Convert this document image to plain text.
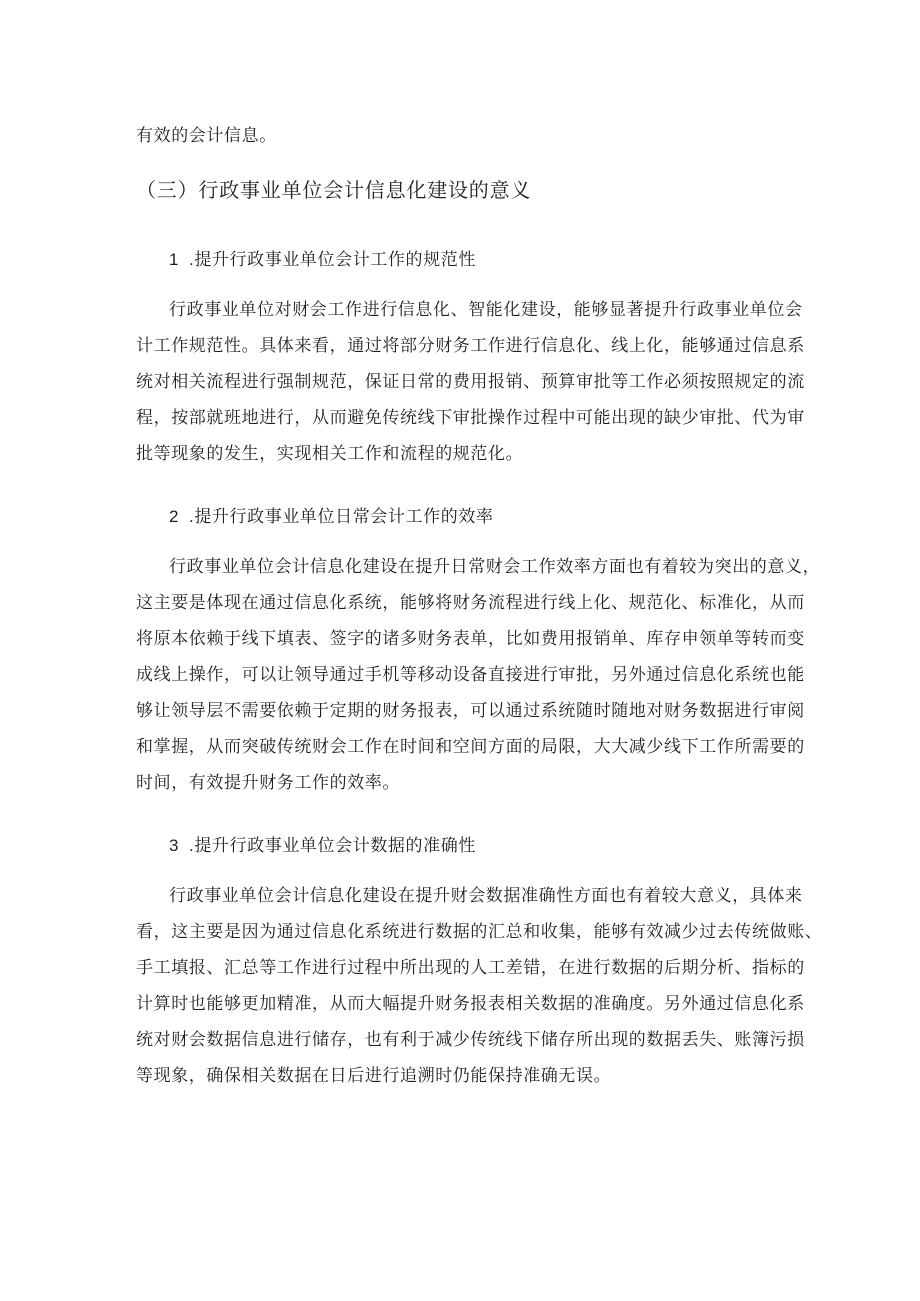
有效的会计信息。
（三）行政事业单位会计信息化建设的意义
1 .提升行政事业单位会计工作的规范性
行政事业单位对财会工作进行信息化、智能化建设，能够显著提升行政事业单位会
计工作规范性。具体来看，通过将部分财务工作进行信息化、线上化，能够通过信息系
统对相关流程进行强制规范，保证日常的费用报销、预算审批等工作必须按照规定的流
程，按部就班地进行，从而避免传统线下审批操作过程中可能出现的缺少审批、代为审
批等现象的发生，实现相关工作和流程的规范化。
2 .提升行政事业单位日常会计工作的效率
行政事业单位会计信息化建设在提升日常财会工作效率方面也有着较为突出的意义，
这主要是体现在通过信息化系统，能够将财务流程进行线上化、规范化、标准化，从而
将原本依赖于线下填表、签字的诸多财务表单，比如费用报销单、库存申领单等转而变
成线上操作，可以让领导通过手机等移动设备直接进行审批，另外通过信息化系统也能
够让领导层不需要依赖于定期的财务报表，可以通过系统随时随地对财务数据进行审阅
和掌握，从而突破传统财会工作在时间和空间方面的局限，大大减少线下工作所需要的
时间，有效提升财务工作的效率。
3 .提升行政事业单位会计数据的准确性
行政事业单位会计信息化建设在提升财会数据准确性方面也有着较大意义，具体来
看，这主要是因为通过信息化系统进行数据的汇总和收集，能够有效减少过去传统做账、
手工填报、汇总等工作进行过程中所出现的人工差错，在进行数据的后期分析、指标的
计算时也能够更加精准，从而大幅提升财务报表相关数据的准确度。另外通过信息化系
统对财会数据信息进行储存，也有利于减少传统线下储存所出现的数据丢失、账簿污损
等现象，确保相关数据在日后进行追溯时仍能保持准确无误。
